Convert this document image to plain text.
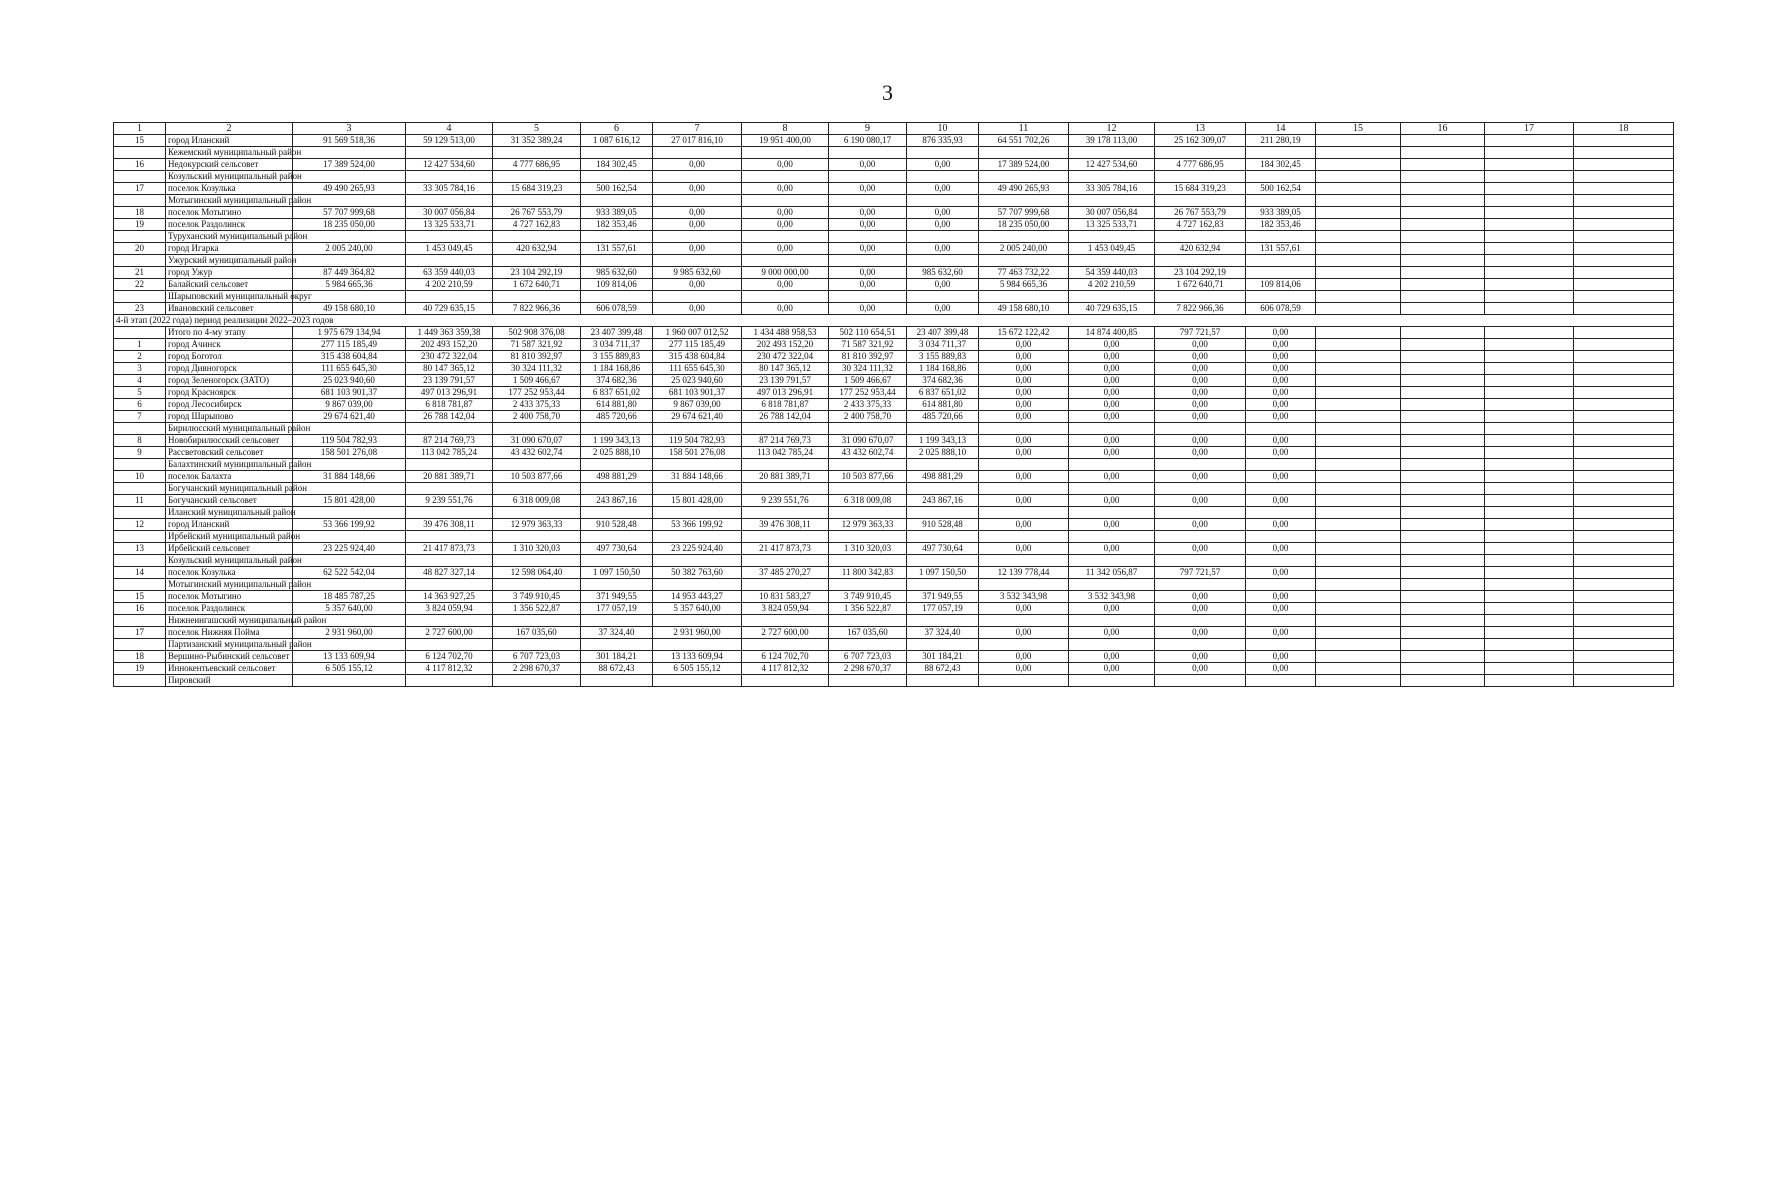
3
1	2	3	4	5	6	7	8	9	10	11	12	13	14	15	16	17	18
15	город Иланский	91 569 518,36	59 129 513,00	31 352 389,24	1 087 616,12	27 017 816,10	19 951 400,00	6 190 080,17	876 335,93	64 551 702,26	39 178 113,00	25 162 309,07	211 280,19				
	Кежемский муниципальный район																
16	Недокурский сельсовет	17 389 524,00	12 427 534,60	4 777 686,95	184 302,45	0,00	0,00	0,00	0,00	17 389 524,00	12 427 534,60	4 777 686,95	184 302,45				
	Козульский муниципальный район																
17	поселок Козулька	49 490 265,93	33 305 784,16	15 684 319,23	500 162,54	0,00	0,00	0,00	0,00	49 490 265,93	33 305 784,16	15 684 319,23	500 162,54				
	Мотыгинский муниципальный район																
18	поселок Мотыгино	57 707 999,68	30 007 056,84	26 767 553,79	933 389,05	0,00	0,00	0,00	0,00	57 707 999,68	30 007 056,84	26 767 553,79	933 389,05				
19	поселок Раздолинск	18 235 050,00	13 325 533,71	4 727 162,83	182 353,46	0,00	0,00	0,00	0,00	18 235 050,00	13 325 533,71	4 727 162,83	182 353,46				
	Туруханский муниципальный район																
20	город Игарка	2 005 240,00	1 453 049,45	420 632,94	131 557,61	0,00	0,00	0,00	0,00	2 005 240,00	1 453 049,45	420 632,94	131 557,61				
	Ужурский муниципальный район																
21	город Ужур	87 449 364,82	63 359 440,03	23 104 292,19	985 632,60	9 985 632,60	9 000 000,00	0,00	985 632,60	77 463 732,22	54 359 440,03	23 104 292,19					
22	Балайский сельсовет	5 984 665,36	4 202 210,59	1 672 640,71	109 814,06	0,00	0,00	0,00	0,00	5 984 665,36	4 202 210,59	1 672 640,71	109 814,06				
	Шарыповский муниципальный округ																
23	Ивановский сельсовет	49 158 680,10	40 729 635,15	7 822 966,36	606 078,59	0,00	0,00	0,00	0,00	49 158 680,10	40 729 635,15	7 822 966,36	606 078,59				
4-й этап (2022 года) период реализации 2022–2023 годов																	
	Итого по 4-му этапу	1 975 679 134,94	1 449 363 359,38	502 908 376,08	23 407 399,48	1 960 007 012,52	1 434 488 958,53	502 110 654,51	23 407 399,48	15 672 122,42	14 874 400,85	797 721,57	0,00				
1	город Ачинск	277 115 185,49	202 493 152,20	71 587 321,92	3 034 711,37	277 115 185,49	202 493 152,20	71 587 321,92	3 034 711,37	0,00	0,00	0,00	0,00				
2	город Боготол	315 438 604,84	230 472 322,04	81 810 392,97	3 155 889,83	315 438 604,84	230 472 322,04	81 810 392,97	3 155 889,83	0,00	0,00	0,00	0,00				
3	город Дивногорск	111 655 645,30	80 147 365,12	30 324 111,32	1 184 168,86	111 655 645,30	80 147 365,12	30 324 111,32	1 184 168,86	0,00	0,00	0,00	0,00				
4	город Зеленогорск (ЗАТО)	25 023 940,60	23 139 791,57	1 509 466,67	374 682,36	25 023 940,60	23 139 791,57	1 509 466,67	374 682,36	0,00	0,00	0,00	0,00				
5	город Красноярск	681 103 901,37	497 013 296,91	177 252 953,44	6 837 651,02	681 103 901,37	497 013 296,91	177 252 953,44	6 837 651,02	0,00	0,00	0,00	0,00				
6	город Лесосибирск	9 867 039,00	6 818 781,87	2 433 375,33	614 881,80	9 867 039,00	6 818 781,87	2 433 375,33	614 881,80	0,00	0,00	0,00	0,00				
7	город Шарыпово	29 674 621,40	26 788 142,04	2 400 758,70	485 720,66	29 674 621,40	26 788 142,04	2 400 758,70	485 720,66	0,00	0,00	0,00	0,00				
	Бирилюсский муниципальный район																
8	Новобирилюсский сельсовет	119 504 782,93	87 214 769,73	31 090 670,07	1 199 343,13	119 504 782,93	87 214 769,73	31 090 670,07	1 199 343,13	0,00	0,00	0,00	0,00				
9	Рассветовский сельсовет	158 501 276,08	113 042 785,24	43 432 602,74	2 025 888,10	158 501 276,08	113 042 785,24	43 432 602,74	2 025 888,10	0,00	0,00	0,00	0,00				
	Балахтинский муниципальный район																
10	поселок Балахта	31 884 148,66	20 881 389,71	10 503 877,66	498 881,29	31 884 148,66	20 881 389,71	10 503 877,66	498 881,29	0,00	0,00	0,00	0,00				
	Богучанский муниципальный район																
11	Богучанский сельсовет	15 801 428,00	9 239 551,76	6 318 009,08	243 867,16	15 801 428,00	9 239 551,76	6 318 009,08	243 867,16	0,00	0,00	0,00	0,00				
	Иланский муниципальный район																
12	город Иланский	53 366 199,92	39 476 308,11	12 979 363,33	910 528,48	53 366 199,92	39 476 308,11	12 979 363,33	910 528,48	0,00	0,00	0,00	0,00				
	Ирбейский муниципальный район																
13	Ирбейский сельсовет	23 225 924,40	21 417 873,73	1 310 320,03	497 730,64	23 225 924,40	21 417 873,73	1 310 320,03	497 730,64	0,00	0,00	0,00	0,00				
	Козульский муниципальный район																
14	поселок Козулька	62 522 542,04	48 827 327,14	12 598 064,40	1 097 150,50	50 382 763,60	37 485 270,27	11 800 342,83	1 097 150,50	12 139 778,44	11 342 056,87	797 721,57	0,00				
	Мотыгинский муниципальный район																
15	поселок Мотыгино	18 485 787,25	14 363 927,25	3 749 910,45	371 949,55	14 953 443,27	10 831 583,27	3 749 910,45	371 949,55	3 532 343,98	3 532 343,98	0,00	0,00				
16	поселок Раздолинск	5 357 640,00	3 824 059,94	1 356 522,87	177 057,19	5 357 640,00	3 824 059,94	1 356 522,87	177 057,19	0,00	0,00	0,00	0,00				
	Нижнеингашский муниципальный район																
17	поселок Нижняя Пойма	2 931 960,00	2 727 600,00	167 035,60	37 324,40	2 931 960,00	2 727 600,00	167 035,60	37 324,40	0,00	0,00	0,00	0,00				
	Партизанский муниципальный район																
18	Вершино-Рыбинский сельсовет	13 133 609,94	6 124 702,70	6 707 723,03	301 184,21	13 133 609,94	6 124 702,70	6 707 723,03	301 184,21	0,00	0,00	0,00	0,00				
19	Иннокентьевский сельсовет	6 505 155,12	4 117 812,32	2 298 670,37	88 672,43	6 505 155,12	4 117 812,32	2 298 670,37	88 672,43	0,00	0,00	0,00	0,00				
	Пировский																
